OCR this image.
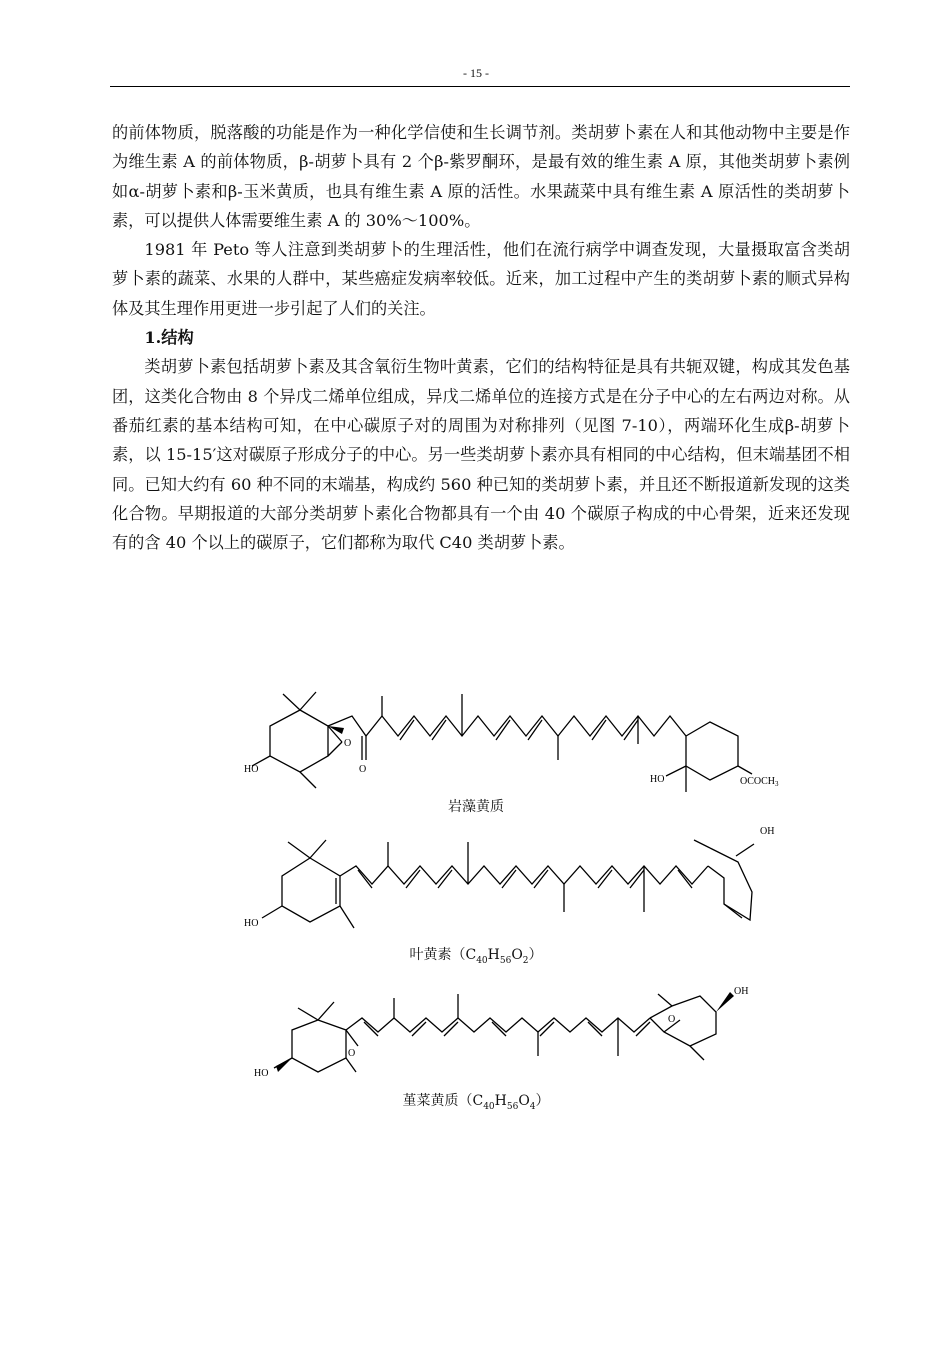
- 15 -

的前体物质，脱落酸的功能是作为一种化学信使和生长调节剂。类胡萝卜素在人和其他动物中主要是作为维生素 A 的前体物质，β-胡萝卜具有 2 个β-紫罗酮环，是最有效的维生素 A 原，其他类胡萝卜素例如α-胡萝卜素和β-玉米黄质，也具有维生素 A 原的活性。水果蔬菜中具有维生素 A 原活性的类胡萝卜素，可以提供人体需要维生素 A 的 30%～100%。

1981 年 Peto 等人注意到类胡萝卜的生理活性，他们在流行病学中调查发现，大量摄取富含类胡萝卜素的蔬菜、水果的人群中，某些癌症发病率较低。近来，加工过程中产生的类胡萝卜素的顺式异构体及其生理作用更进一步引起了人们的关注。

1.结构

类胡萝卜素包括胡萝卜素及其含氧衍生物叶黄素，它们的结构特征是具有共轭双键，构成其发色基团，这类化合物由 8 个异戊二烯单位组成，异戊二烯单位的连接方式是在分子中心的左右两边对称。从番茄红素的基本结构可知，在中心碳原子对的周围为对称排列（见图 7-10），两端环化生成β-胡萝卜素，以 15-15′这对碳原子形成分子的中心。另一些类胡萝卜素亦具有相同的中心结构，但末端基团不相同。已知大约有 60 种不同的末端基，构成约 560 种已知的类胡萝卜素，并且还不断报道新发现的这类化合物。早期报道的大部分类胡萝卜素化合物都具有一个由 40 个碳原子构成的中心骨架，近来还发现有的含 40 个以上的碳原子，它们都称为取代 C40 类胡萝卜素。

HO
O
O
HO	$OCOCH_3$
岩藻黄质
HO
OH
叶黄素$(C_{40}H_{56}O_2)$
HO
O
O
OH
堇菜黄质$(C_{40}H_{56}O_4)$
